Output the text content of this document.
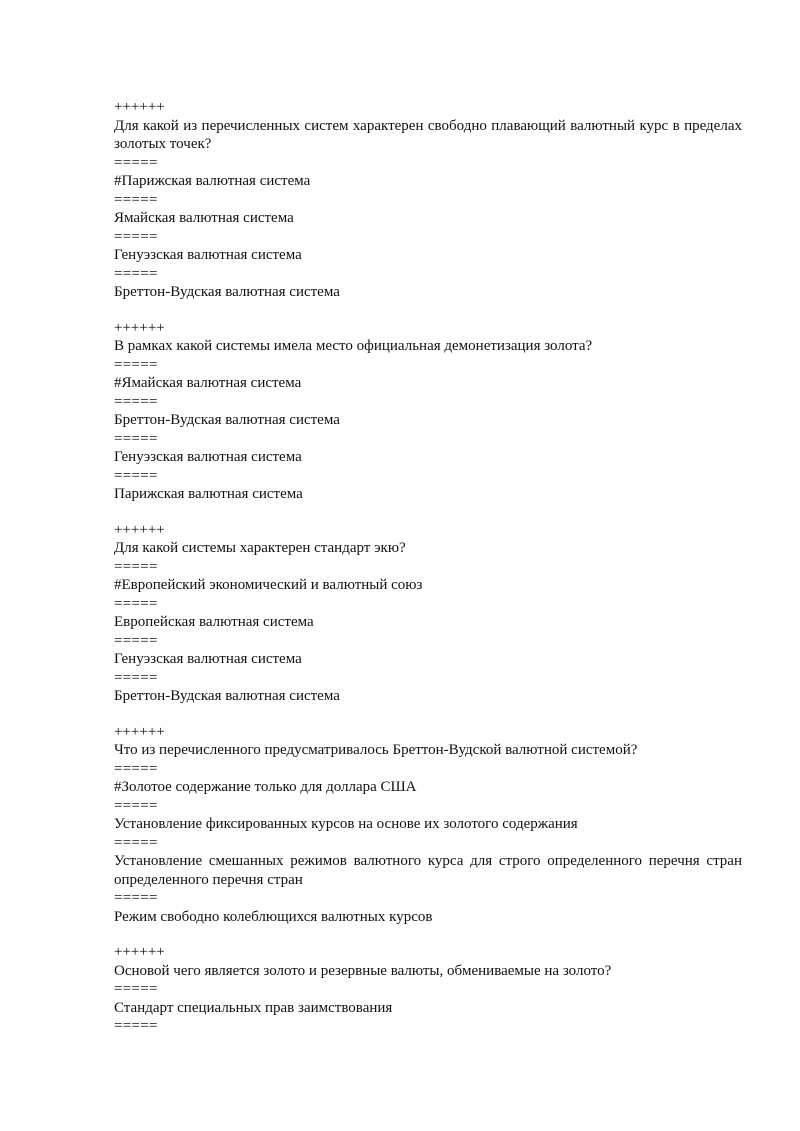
++++++

Для какой из перечисленных систем характерен свободно плавающий валютный курс в пределах золотых точек?

=====

#Парижская валютная система

=====

Ямайская валютная система

=====

Генуэзская валютная система

=====

Бреттон-Вудская валютная система

++++++

В рамках какой системы имела место официальная демонетизация золота?

=====

#Ямайская валютная система

=====

Бреттон-Вудская валютная система

=====

Генуэзская валютная система

=====

Парижская валютная система

++++++

Для какой системы характерен стандарт экю?

=====

#Европейский экономический и валютный союз

=====

Европейская валютная система

=====

Генуэзская валютная система

=====

Бреттон-Вудская валютная система

++++++

Что из перечисленного предусматривалось Бреттон-Вудской валютной системой?

=====

#Золотое содержание только для доллара США

=====

Установление фиксированных курсов на основе их золотого содержания

=====

Установление смешанных режимов валютного курса для строго определенного перечня стран определенного перечня стран

=====

Режим свободно колеблющихся валютных курсов

++++++

Основой чего является золото и резервные валюты, обмениваемые на золото?

=====

Стандарт специальных прав заимствования

=====
